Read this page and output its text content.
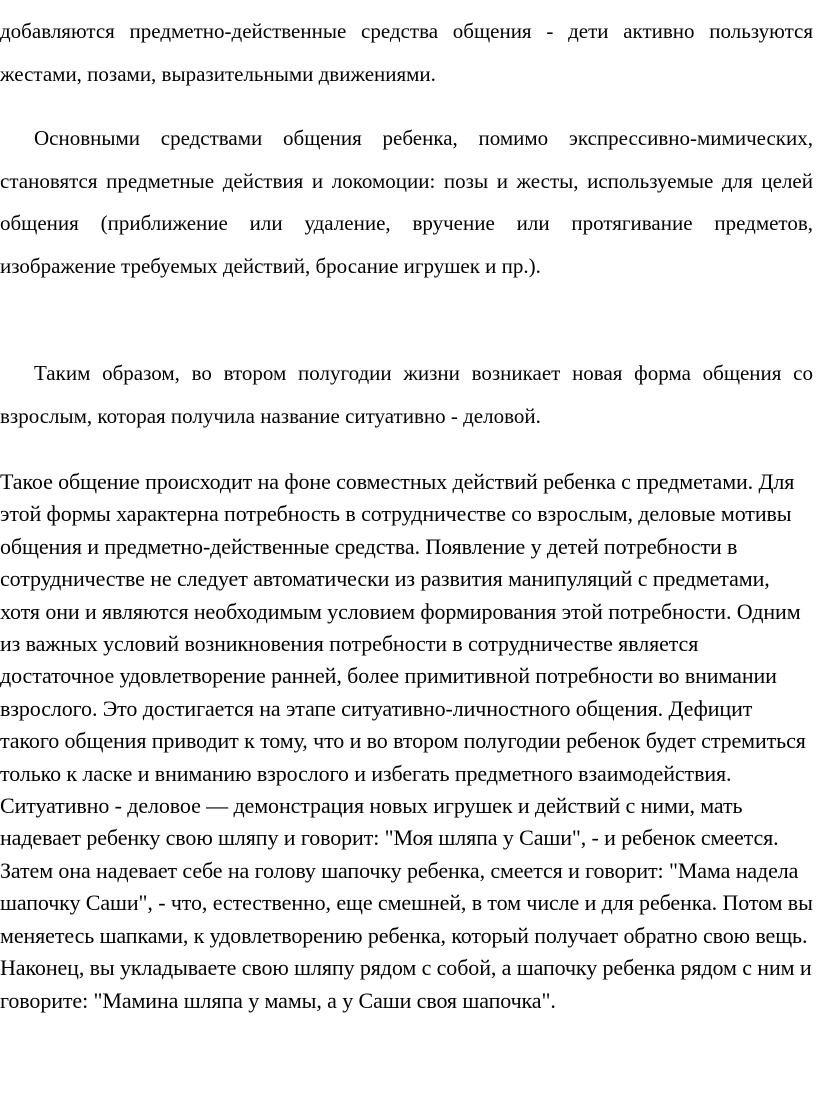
добавляются предметно-действенные средства общения - дети активно пользуются жестами, позами, выразительными движениями.

Основными средствами общения ребенка, помимо экспрессивно-мимических, становятся предметные действия и локомоции: позы и жесты, используемые для целей общения (приближение или удаление, вручение или протягивание предметов, изображение требуемых действий, бросание игрушек и пр.).

Таким образом, во втором полугодии жизни возникает новая форма общения со взрослым, которая получила название ситуативно - деловой.

Такое общение происходит на фоне совместных действий ребенка с предметами. Для этой формы характерна потребность в сотрудничестве со взрослым, деловые мотивы общения и предметно-действенные средства. Появление у детей потребности в сотрудничестве не следует автоматически из развития манипуляций с предметами, хотя они и являются необходимым условием формирования этой потребности. Одним из важных условий возникновения потребности в сотрудничестве является достаточное удовлетворение ранней, более примитивной потребности во внимании взрослого. Это достигается на этапе ситуативно-личностного общения. Дефицит такого общения приводит к тому, что и во втором полугодии ребенок будет стремиться только к ласке и вниманию взрослого и избегать предметного взаимодействия. Ситуативно - деловое — демонстрация новых игрушек и действий с ними, мать надевает ребенку свою шляпу и говорит: "Моя шляпа у Саши", - и ребенок смеется. Затем она надевает себе на голову шапочку ребенка, смеется и говорит: "Мама надела шапочку Саши", - что, естественно, еще смешней, в том числе и для ребенка. Потом вы меняетесь шапками, к удовлетворению ребенка, который получает обратно свою вещь. Наконец, вы укладываете свою шляпу рядом с собой, а шапочку ребенка рядом с ним и говорите: "Мамина шляпа у мамы, а у Саши своя шапочка".
